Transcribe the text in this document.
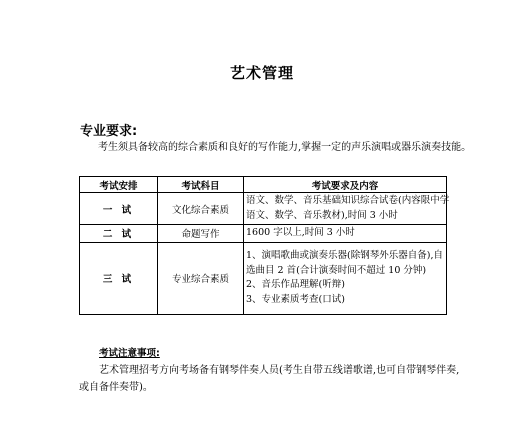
艺术管理
专业要求:
考生须具备较高的综合素质和良好的写作能力,掌握一定的声乐演唱或器乐演奏技能。
考试安排	考试科目	考试要求及内容
一 试	文化综合素质	语文、数学、音乐基础知识综合试卷(内容限中学
语文、数学、音乐教材),时间 3 小时

二 试	命题写作	1600 字以上,时间 3 小时

三 试	专业综合素质	1、演唱歌曲或演奏乐器(除钢琴外乐器自备),自
选曲目 2 首(合计演奏时间不超过 10 分钟)
2、音乐作品理解(听辩)
3、专业素质考查(口试)
考试注意事项:
艺术管理招考方向考场备有钢琴伴奏人员(考生自带五线谱歌谱,也可自带钢琴伴奏,
或自备伴奏带)。
